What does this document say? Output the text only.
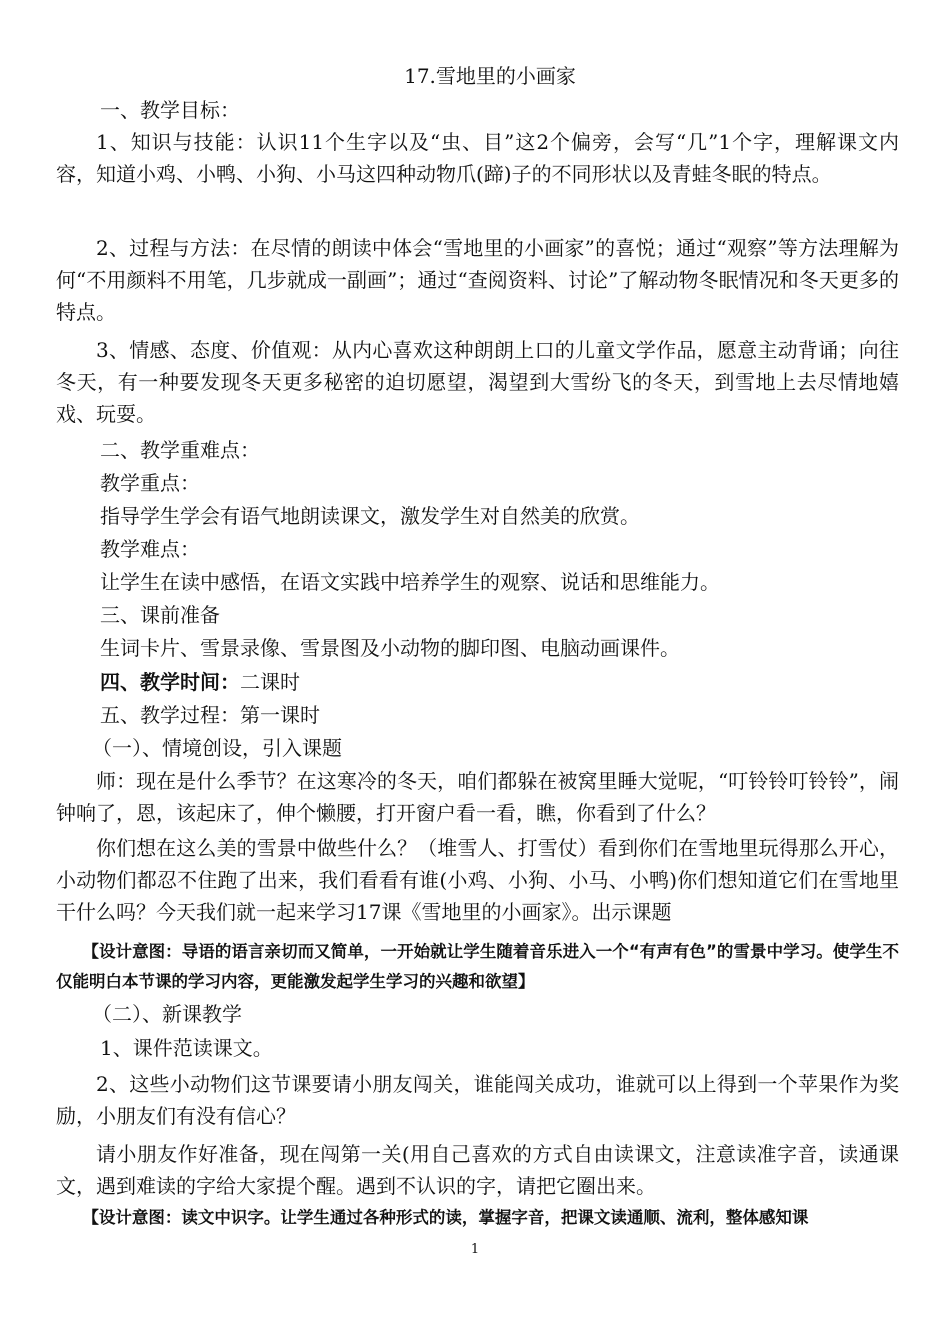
17.雪地里的小画家

一、教学目标：

1、知识与技能：认识11个生字以及“虫、目”这2个偏旁，会写“几”1个字，理解课文内容，知道小鸡、小鸭、小狗、小马这四种动物爪(蹄)子的不同形状以及青蛙冬眠的特点。

2、过程与方法：在尽情的朗读中体会“雪地里的小画家”的喜悦；通过“观察”等方法理解为何“不用颜料不用笔，几步就成一副画”；通过“查阅资料、讨论”了解动物冬眠情况和冬天更多的特点。

3、情感、态度、价值观：从内心喜欢这种朗朗上口的儿童文学作品，愿意主动背诵；向往冬天，有一种要发现冬天更多秘密的迫切愿望，渴望到大雪纷飞的冬天，到雪地上去尽情地嬉戏、玩耍。

二、教学重难点：

教学重点：

指导学生学会有语气地朗读课文，激发学生对自然美的欣赏。

教学难点：

让学生在读中感悟，在语文实践中培养学生的观察、说话和思维能力。

三、课前准备

生词卡片、雪景录像、雪景图及小动物的脚印图、电脑动画课件。

四、教学时间：二课时

五、教学过程：第一课时

（一）、情境创设，引入课题

师：现在是什么季节？在这寒冷的冬天，咱们都躲在被窝里睡大觉呢，“叮铃铃叮铃铃”，闹钟响了，恩，该起床了，伸个懒腰，打开窗户看一看，瞧，你看到了什么？

你们想在这么美的雪景中做些什么？（堆雪人、打雪仗）看到你们在雪地里玩得那么开心，小动物们都忍不住跑了出来，我们看看有谁(小鸡、小狗、小马、小鸭)你们想知道它们在雪地里干什么吗？今天我们就一起来学习17课《雪地里的小画家》。出示课题

【设计意图：导语的语言亲切而又简单，一开始就让学生随着音乐进入一个“有声有色”的雪景中学习。使学生不仅能明白本节课的学习内容，更能激发起学生学习的兴趣和欲望】

（二）、新课教学

1、课件范读课文。

2、这些小动物们这节课要请小朋友闯关，谁能闯关成功，谁就可以上得到一个苹果作为奖励，小朋友们有没有信心？

请小朋友作好准备，现在闯第一关(用自己喜欢的方式自由读课文，注意读准字音，读通课文，遇到难读的字给大家提个醒。遇到不认识的字，请把它圈出来。

【设计意图：读文中识字。让学生通过各种形式的读，掌握字音，把课文读通顺、流利，整体感知课

1
